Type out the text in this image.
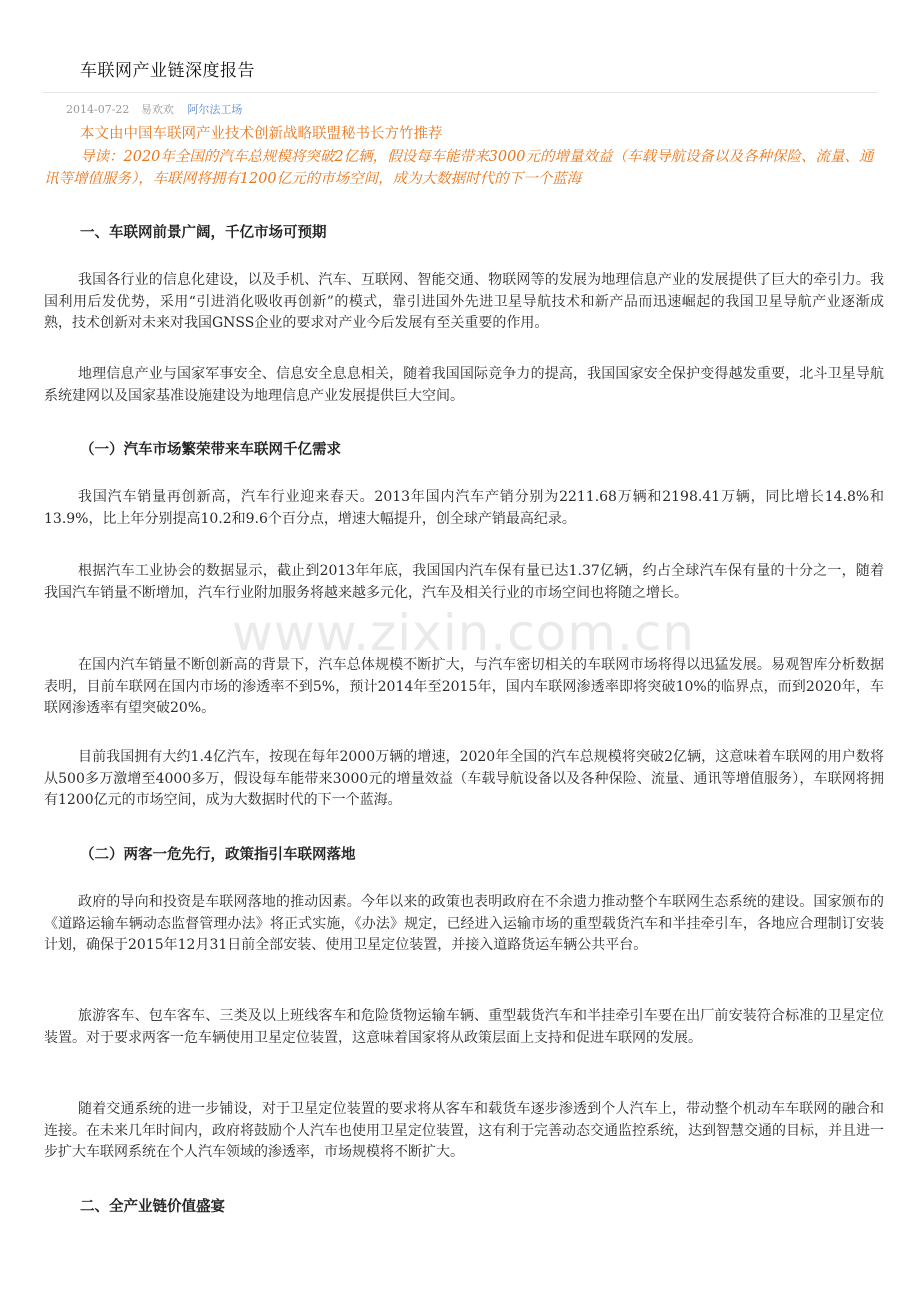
车联网产业链深度报告
2014-07-22 易欢欢 阿尔法工场
本文由中国车联网产业技术创新战略联盟秘书长方竹推荐
导读：2020年全国的汽车总规模将突破2亿辆，假设每车能带来3000元的增量效益（车载导航设备以及各种保险、流量、通讯等增值服务），车联网将拥有1200亿元的市场空间，成为大数据时代的下一个蓝海
一、车联网前景广阔，千亿市场可预期
我国各行业的信息化建设，以及手机、汽车、互联网、智能交通、物联网等的发展为地理信息产业的发展提供了巨大的牵引力。我国利用后发优势，采用“引进消化吸收再创新”的模式，靠引进国外先进卫星导航技术和新产品而迅速崛起的我国卫星导航产业逐渐成熟，技术创新对未来对我国GNSS企业的要求对产业今后发展有至关重要的作用。
地理信息产业与国家军事安全、信息安全息息相关，随着我国国际竞争力的提高，我国国家安全保护变得越发重要，北斗卫星导航系统建网以及国家基准设施建设为地理信息产业发展提供巨大空间。
（一）汽车市场繁荣带来车联网千亿需求
我国汽车销量再创新高，汽车行业迎来春天。2013年国内汽车产销分别为2211.68万辆和2198.41万辆，同比增长14.8%和13.9%，比上年分别提高10.2和9.6个百分点，增速大幅提升，创全球产销最高纪录。
根据汽车工业协会的数据显示，截止到2013年年底，我国国内汽车保有量已达1.37亿辆，约占全球汽车保有量的十分之一，随着我国汽车销量不断增加，汽车行业附加服务将越来越多元化，汽车及相关行业的市场空间也将随之增长。
www.zixin.com.cn
在国内汽车销量不断创新高的背景下，汽车总体规模不断扩大，与汽车密切相关的车联网市场将得以迅猛发展。易观智库分析数据表明，目前车联网在国内市场的渗透率不到5%，预计2014年至2015年，国内车联网渗透率即将突破10%的临界点，而到2020年，车联网渗透率有望突破20%。
目前我国拥有大约1.4亿汽车，按现在每年2000万辆的增速，2020年全国的汽车总规模将突破2亿辆，这意味着车联网的用户数将从500多万激增至4000多万，假设每车能带来3000元的增量效益（车载导航设备以及各种保险、流量、通讯等增值服务），车联网将拥有1200亿元的市场空间，成为大数据时代的下一个蓝海。
（二）两客一危先行，政策指引车联网落地
政府的导向和投资是车联网落地的推动因素。今年以来的政策也表明政府在不余遗力推动整个车联网生态系统的建设。国家颁布的《道路运输车辆动态监督管理办法》将正式实施，《办法》规定，已经进入运输市场的重型载货汽车和半挂牵引车，各地应合理制订安装计划，确保于2015年12月31日前全部安装、使用卫星定位装置，并接入道路货运车辆公共平台。
旅游客车、包车客车、三类及以上班线客车和危险货物运输车辆、重型载货汽车和半挂牵引车要在出厂前安装符合标准的卫星定位装置。对于要求两客一危车辆使用卫星定位装置，这意味着国家将从政策层面上支持和促进车联网的发展。
随着交通系统的进一步铺设，对于卫星定位装置的要求将从客车和载货车逐步渗透到个人汽车上，带动整个机动车车联网的融合和连接。在未来几年时间内，政府将鼓励个人汽车也使用卫星定位装置，这有利于完善动态交通监控系统，达到智慧交通的目标，并且进一步扩大车联网系统在个人汽车领域的渗透率，市场规模将不断扩大。
二、全产业链价值盛宴
